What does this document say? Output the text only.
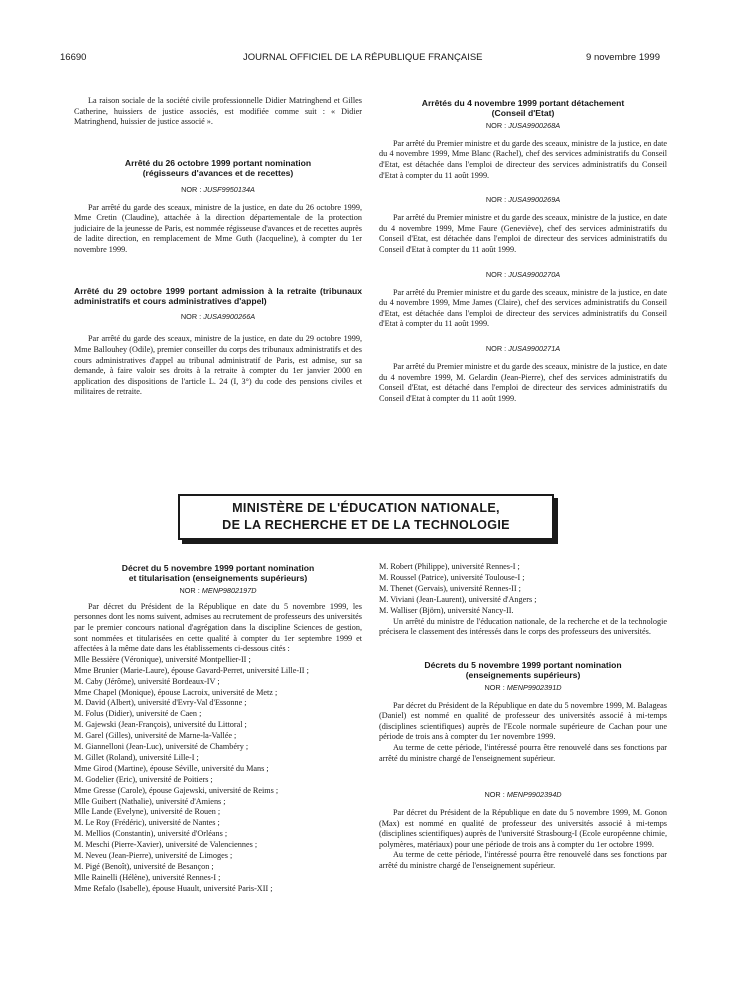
16690	JOURNAL OFFICIEL DE LA RÉPUBLIQUE FRANÇAISE	9 novembre 1999

La raison sociale de la société civile professionnelle Didier Matringhend et Gilles Catherine, huissiers de justice associés, est modifiée comme suit : « Didier Matringhend, huissier de justice associé ».

Arrêté du 26 octobre 1999 portant nomination
(régisseurs d'avances et de recettes)
NOR : JUSF9950134A

Par arrêté du garde des sceaux, ministre de la justice, en date du 26 octobre 1999, Mme Cretin (Claudine), attachée à la direction départementale de la protection judiciaire de la jeunesse de Paris, est nommée régisseuse d'avances et de recettes auprès de ladite direction, en remplacement de Mme Guth (Jacqueline), à compter du 1er novembre 1999.

Arrêté du 29 octobre 1999 portant admission à la retraite (tribunaux administratifs et cours administratives d'appel)
NOR : JUSA9900266A

Par arrêté du garde des sceaux, ministre de la justice, en date du 29 octobre 1999, Mme Ballouhey (Odile), premier conseiller du corps des tribunaux administratifs et des cours administratives d'appel au tribunal administratif de Paris, est admise, sur sa demande, à faire valoir ses droits à la retraite à compter du 1er janvier 2000 en application des dispositions de l'article L. 24 (I, 3°) du code des pensions civiles et militaires de retraite.

Arrêtés du 4 novembre 1999 portant détachement
(Conseil d'Etat)
NOR : JUSA9900268A

Par arrêté du Premier ministre et du garde des sceaux, ministre de la justice, en date du 4 novembre 1999, Mme Blanc (Rachel), chef des services administratifs du Conseil d'Etat, est détachée dans l'emploi de directeur des services administratifs du Conseil d'Etat à compter du 11 août 1999.

NOR : JUSA9900269A

Par arrêté du Premier ministre et du garde des sceaux, ministre de la justice, en date du 4 novembre 1999, Mme Faure (Geneviève), chef des services administratifs du Conseil d'Etat, est détachée dans l'emploi de directeur des services administratifs du Conseil d'Etat à compter du 11 août 1999.

NOR : JUSA9900270A

Par arrêté du Premier ministre et du garde des sceaux, ministre de la justice, en date du 4 novembre 1999, Mme James (Claire), chef des services administratifs du Conseil d'Etat, est détachée dans l'emploi de directeur des services administratifs du Conseil d'Etat à compter du 11 août 1999.

NOR : JUSA9900271A

Par arrêté du Premier ministre et du garde des sceaux, ministre de la justice, en date du 4 novembre 1999, M. Gelardin (Jean-Pierre), chef des services administratifs du Conseil d'Etat, est détaché dans l'emploi de directeur des services administratifs du Conseil d'Etat à compter du 11 août 1999.

MINISTÈRE DE L'ÉDUCATION NATIONALE,
DE LA RECHERCHE ET DE LA TECHNOLOGIE
Décret du 5 novembre 1999 portant nomination
et titularisation (enseignements supérieurs)
NOR : MENP9802197D

Par décret du Président de la République en date du 5 novembre 1999, les personnes dont les noms suivent, admises au recrutement de professeurs des universités par le premier concours national d'agrégation dans la discipline Sciences de gestion, sont nommées et titularisées en cette qualité à compter du 1er septembre 1999 et affectées à la même date dans les établissements ci-dessous cités :

Mlle Bessière (Véronique), université Montpellier-II ;
Mme Brunier (Marie-Laure), épouse Gavard-Perret, université Lille-II ;
M. Caby (Jérôme), université Bordeaux-IV ;
Mme Chapel (Monique), épouse Lacroix, université de Metz ;
M. David (Albert), université d'Evry-Val d'Essonne ;
M. Folus (Didier), université de Caen ;
M. Gajewski (Jean-François), université du Littoral ;
M. Garel (Gilles), université de Marne-la-Vallée ;
M. Giannelloni (Jean-Luc), université de Chambéry ;
M. Gillet (Roland), université Lille-I ;
Mme Girod (Martine), épouse Séville, université du Mans ;
M. Godelier (Eric), université de Poitiers ;
Mme Gresse (Carole), épouse Gajewski, université de Reims ;
Mlle Guibert (Nathalie), université d'Amiens ;
Mlle Lande (Evelyne), université de Rouen ;
M. Le Roy (Frédéric), université de Nantes ;
M. Mellios (Constantin), université d'Orléans ;
M. Meschi (Pierre-Xavier), université de Valenciennes ;
M. Neveu (Jean-Pierre), université de Limoges ;
M. Pigé (Benoît), université de Besançon ;
Mlle Rainelli (Hélène), université Rennes-I ;
Mme Refalo (Isabelle), épouse Huault, université Paris-XII ;
M. Robert (Philippe), université Rennes-I ;
M. Roussel (Patrice), université Toulouse-I ;
M. Thenet (Gervais), université Rennes-II ;
M. Viviani (Jean-Laurent), université d'Angers ;
M. Walliser (Björn), université Nancy-II.

Un arrêté du ministre de l'éducation nationale, de la recherche et de la technologie précisera le classement des intéressés dans le corps des professeurs des universités.

Décrets du 5 novembre 1999 portant nomination
(enseignements supérieurs)
NOR : MENP9902391D

Par décret du Président de la République en date du 5 novembre 1999, M. Balageas (Daniel) est nommé en qualité de professeur des universités associé à mi-temps (disciplines scientifiques) auprès de l'Ecole normale supérieure de Cachan pour une période de trois ans à compter du 1er novembre 1999.

Au terme de cette période, l'intéressé pourra être renouvelé dans ses fonctions par arrêté du ministre chargé de l'enseignement supérieur.

NOR : MENP9902394D

Par décret du Président de la République en date du 5 novembre 1999, M. Gonon (Max) est nommé en qualité de professeur des universités associé à mi-temps (disciplines scientifiques) auprès de l'université Strasbourg-I (Ecole européenne chimie, polymères, matériaux) pour une période de trois ans à compter du 1er octobre 1999.

Au terme de cette période, l'intéressé pourra être renouvelé dans ses fonctions par arrêté du ministre chargé de l'enseignement supérieur.
